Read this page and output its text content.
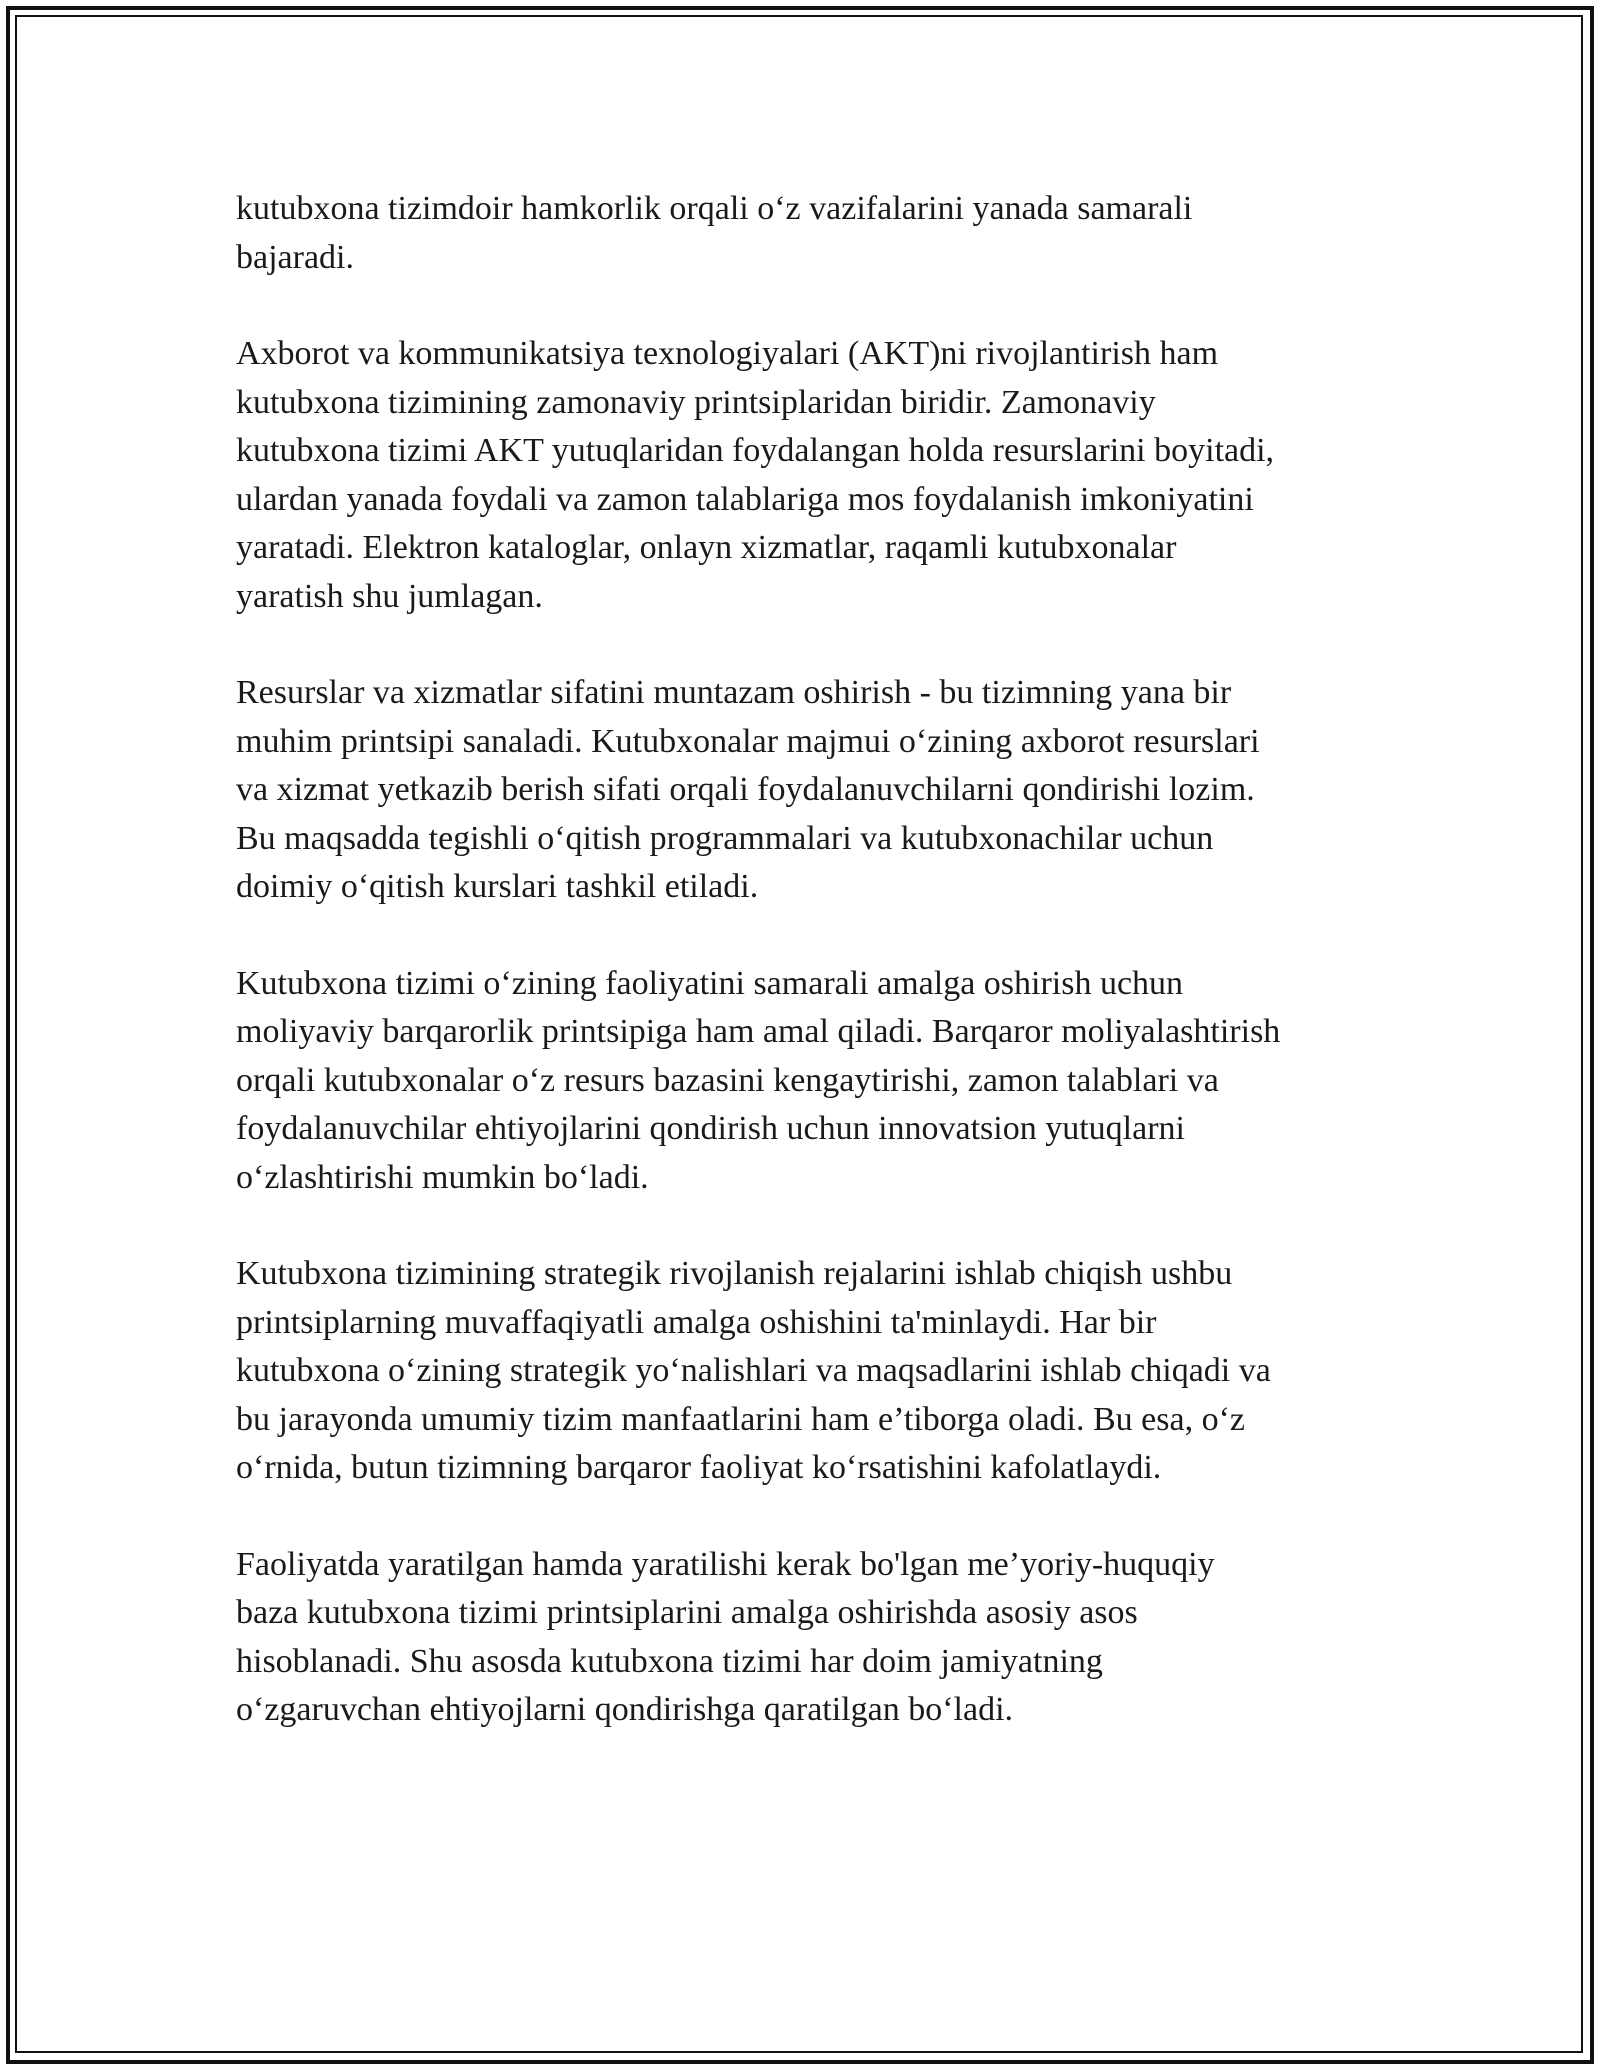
kutubxona tizimdoir hamkorlik orqali o‘z vazifalarini yanada samarali
bajaradi.

Axborot va kommunikatsiya texnologiyalari (AKT)ni rivojlantirish ham
kutubxona tizimining zamonaviy printsiplaridan biridir. Zamonaviy
kutubxona tizimi AKT yutuqlaridan foydalangan holda resurslarini boyitadi,
ulardan yanada foydali va zamon talablariga mos foydalanish imkoniyatini
yaratadi. Elektron kataloglar, onlayn xizmatlar, raqamli kutubxonalar
yaratish shu jumlagan.

Resurslar va xizmatlar sifatini muntazam oshirish - bu tizimning yana bir
muhim printsipi sanaladi. Kutubxonalar majmui o‘zining axborot resurslari
va xizmat yetkazib berish sifati orqali foydalanuvchilarni qondirishi lozim.
Bu maqsadda tegishli o‘qitish programmalari va kutubxonachilar uchun
doimiy o‘qitish kurslari tashkil etiladi.

Kutubxona tizimi o‘zining faoliyatini samarali amalga oshirish uchun
moliyaviy barqarorlik printsipiga ham amal qiladi. Barqaror moliyalashtirish
orqali kutubxonalar o‘z resurs bazasini kengaytirishi, zamon talablari va
foydalanuvchilar ehtiyojlarini qondirish uchun innovatsion yutuqlarni
o‘zlashtirishi mumkin bo‘ladi.

Kutubxona tizimining strategik rivojlanish rejalarini ishlab chiqish ushbu
printsiplarning muvaffaqiyatli amalga oshishini ta'minlaydi. Har bir
kutubxona o‘zining strategik yo‘nalishlari va maqsadlarini ishlab chiqadi va
bu jarayonda umumiy tizim manfaatlarini ham e’tiborga oladi. Bu esa, o‘z
o‘rnida, butun tizimning barqaror faoliyat ko‘rsatishini kafolatlaydi.

Faoliyatda yaratilgan hamda yaratilishi kerak bo'lgan me’yoriy-huquqiy
baza kutubxona tizimi printsiplarini amalga oshirishda asosiy asos
hisoblanadi. Shu asosda kutubxona tizimi har doim jamiyatning
o‘zgaruvchan ehtiyojlarni qondirishga qaratilgan bo‘ladi.
